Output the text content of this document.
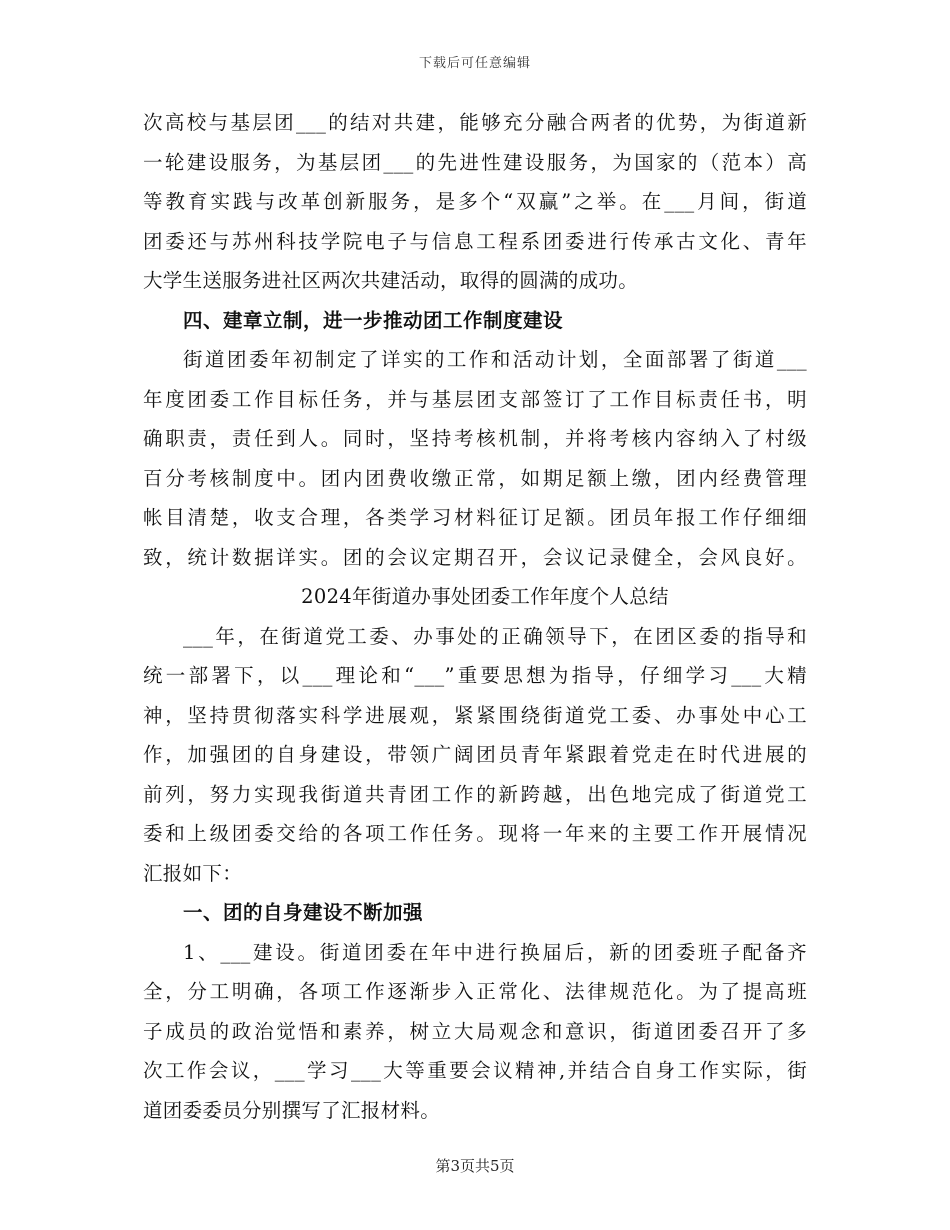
下载后可任意编辑
次高校与基层团___的结对共建，能够充分融合两者的优势，为街道新
一轮建设服务，为基层团___的先进性建设服务，为国家的（范本）高
等教育实践与改革创新服务，是多个“双赢”之举。在___月间，街道
团委还与苏州科技学院电子与信息工程系团委进行传承古文化、青年
大学生送服务进社区两次共建活动，取得的圆满的成功。
四、建章立制，进一步推动团工作制度建设
街道团委年初制定了详实的工作和活动计划，全面部署了街道___
年度团委工作目标任务，并与基层团支部签订了工作目标责任书，明
确职责，责任到人。同时，坚持考核机制，并将考核内容纳入了村级
百分考核制度中。团内团费收缴正常，如期足额上缴，团内经费管理
帐目清楚，收支合理，各类学习材料征订足额。团员年报工作仔细细
致，统计数据详实。团的会议定期召开，会议记录健全，会风良好。
2024年街道办事处团委工作年度个人总结
___年，在街道党工委、办事处的正确领导下，在团区委的指导和
统一部署下，以___理论和“___”重要思想为指导，仔细学习___大精
神，坚持贯彻落实科学进展观，紧紧围绕街道党工委、办事处中心工
作，加强团的自身建设，带领广阔团员青年紧跟着党走在时代进展的
前列，努力实现我街道共青团工作的新跨越，出色地完成了街道党工
委和上级团委交给的各项工作任务。现将一年来的主要工作开展情况
汇报如下：
一、团的自身建设不断加强
1、___建设。街道团委在年中进行换届后，新的团委班子配备齐
全，分工明确，各项工作逐渐步入正常化、法律规范化。为了提高班
子成员的政治觉悟和素养，树立大局观念和意识，街道团委召开了多
次工作会议，___学习___大等重要会议精神,并结合自身工作实际，街
道团委委员分别撰写了汇报材料。
第3页共5页
